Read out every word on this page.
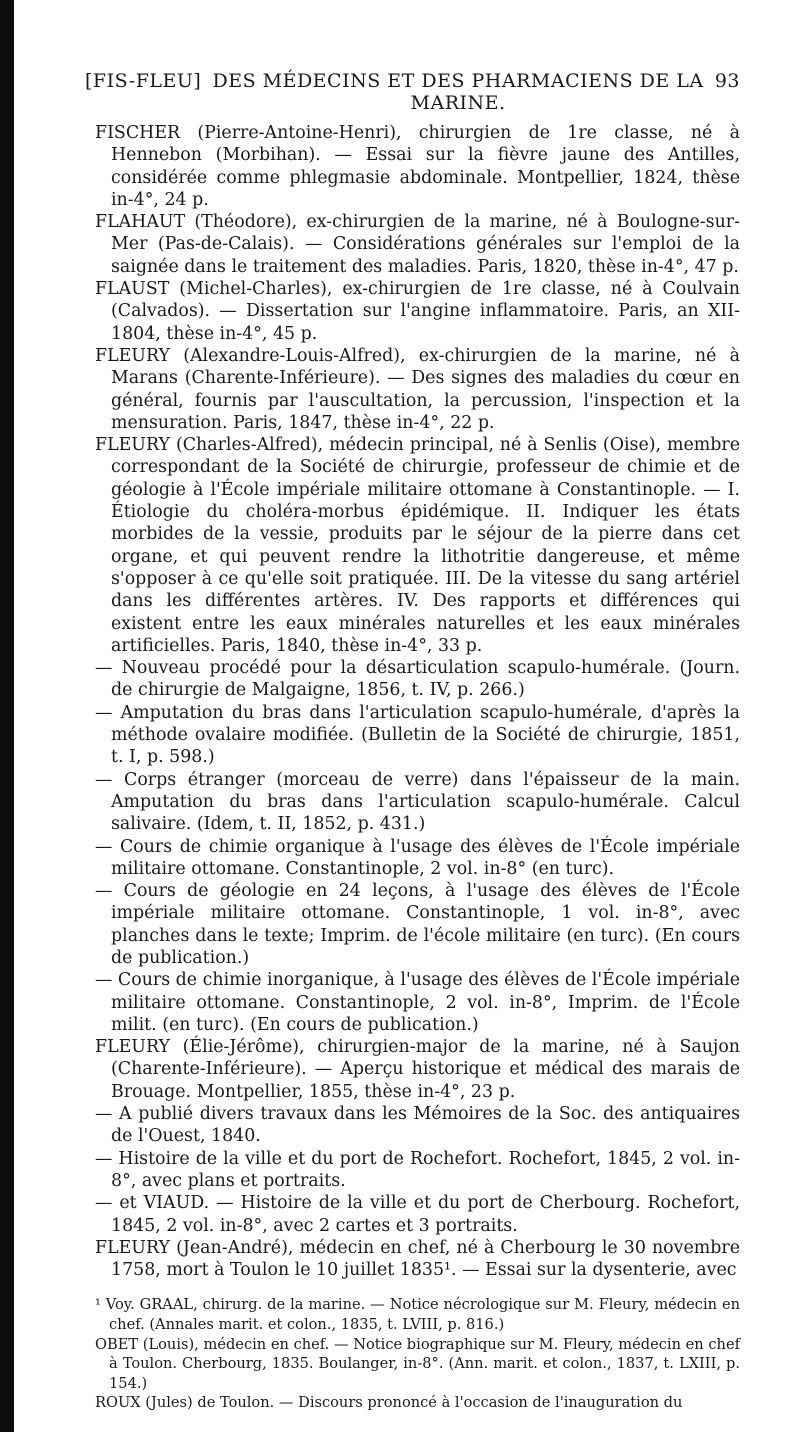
[FIS-FLEU] DES MÉDECINS ET DES PHARMACIENS DE LA MARINE.
93

FISCHER (Pierre-Antoine-Henri), chirurgien de 1re classe, né à Hennebon (Morbihan). — Essai sur la fièvre jaune des Antilles, considérée comme phlegmasie abdominale. Montpellier, 1824, thèse in-4°, 24 p.

FLAHAUT (Théodore), ex-chirurgien de la marine, né à Boulogne-sur-Mer (Pas-de-Calais). — Considérations générales sur l'emploi de la saignée dans le traitement des maladies. Paris, 1820, thèse in-4°, 47 p.

FLAUST (Michel-Charles), ex-chirurgien de 1re classe, né à Coulvain (Calvados). — Dissertation sur l'angine inflammatoire. Paris, an XII-1804, thèse in-4°, 45 p.

FLEURY (Alexandre-Louis-Alfred), ex-chirurgien de la marine, né à Marans (Charente-Inférieure). — Des signes des maladies du cœur en général, fournis par l'auscultation, la percussion, l'inspection et la mensuration. Paris, 1847, thèse in-4°, 22 p.

FLEURY (Charles-Alfred), médecin principal, né à Senlis (Oise), membre correspondant de la Société de chirurgie, professeur de chimie et de géologie à l'École impériale militaire ottomane à Constantinople. — I. Étiologie du choléra-morbus épidémique. II. Indiquer les états morbides de la vessie, produits par le séjour de la pierre dans cet organe, et qui peuvent rendre la lithotritie dangereuse, et même s'opposer à ce qu'elle soit pratiquée. III. De la vitesse du sang artériel dans les différentes artères. IV. Des rapports et différences qui existent entre les eaux minérales naturelles et les eaux minérales artificielles. Paris, 1840, thèse in-4°, 33 p.

— Nouveau procédé pour la désarticulation scapulo-humérale. (Journ. de chirurgie de Malgaigne, 1856, t. IV, p. 266.)

— Amputation du bras dans l'articulation scapulo-humérale, d'après la méthode ovalaire modifiée. (Bulletin de la Société de chirurgie, 1851, t. I, p. 598.)

— Corps étranger (morceau de verre) dans l'épaisseur de la main. Amputation du bras dans l'articulation scapulo-humérale. Calcul salivaire. (Idem, t. II, 1852, p. 431.)

— Cours de chimie organique à l'usage des élèves de l'École impériale militaire ottomane. Constantinople, 2 vol. in-8° (en turc).

— Cours de géologie en 24 leçons, à l'usage des élèves de l'École impériale militaire ottomane. Constantinople, 1 vol. in-8°, avec planches dans le texte; Imprim. de l'école militaire (en turc). (En cours de publication.)

— Cours de chimie inorganique, à l'usage des élèves de l'École impériale militaire ottomane. Constantinople, 2 vol. in-8°, Imprim. de l'École milit. (en turc). (En cours de publication.)

FLEURY (Élie-Jérôme), chirurgien-major de la marine, né à Saujon (Charente-Inférieure). — Aperçu historique et médical des marais de Brouage. Montpellier, 1855, thèse in-4°, 23 p.

— A publié divers travaux dans les Mémoires de la Soc. des antiquaires de l'Ouest, 1840.

— Histoire de la ville et du port de Rochefort. Rochefort, 1845, 2 vol. in-8°, avec plans et portraits.

— et VIAUD. — Histoire de la ville et du port de Cherbourg. Rochefort, 1845, 2 vol. in-8°, avec 2 cartes et 3 portraits.

FLEURY (Jean-André), médecin en chef, né à Cherbourg le 30 novembre 1758, mort à Toulon le 10 juillet 1835¹. — Essai sur la dysenterie, avec

¹ Voy. GRAAL, chirurg. de la marine. — Notice nécrologique sur M. Fleury, médecin en chef. (Annales marit. et colon., 1835, t. LVIII, p. 816.)

OBET (Louis), médecin en chef. — Notice biographique sur M. Fleury, médecin en chef à Toulon. Cherbourg, 1835. Boulanger, in-8°. (Ann. marit. et colon., 1837, t. LXIII, p. 154.)

ROUX (Jules) de Toulon. — Discours prononcé à l'occasion de l'inauguration du
